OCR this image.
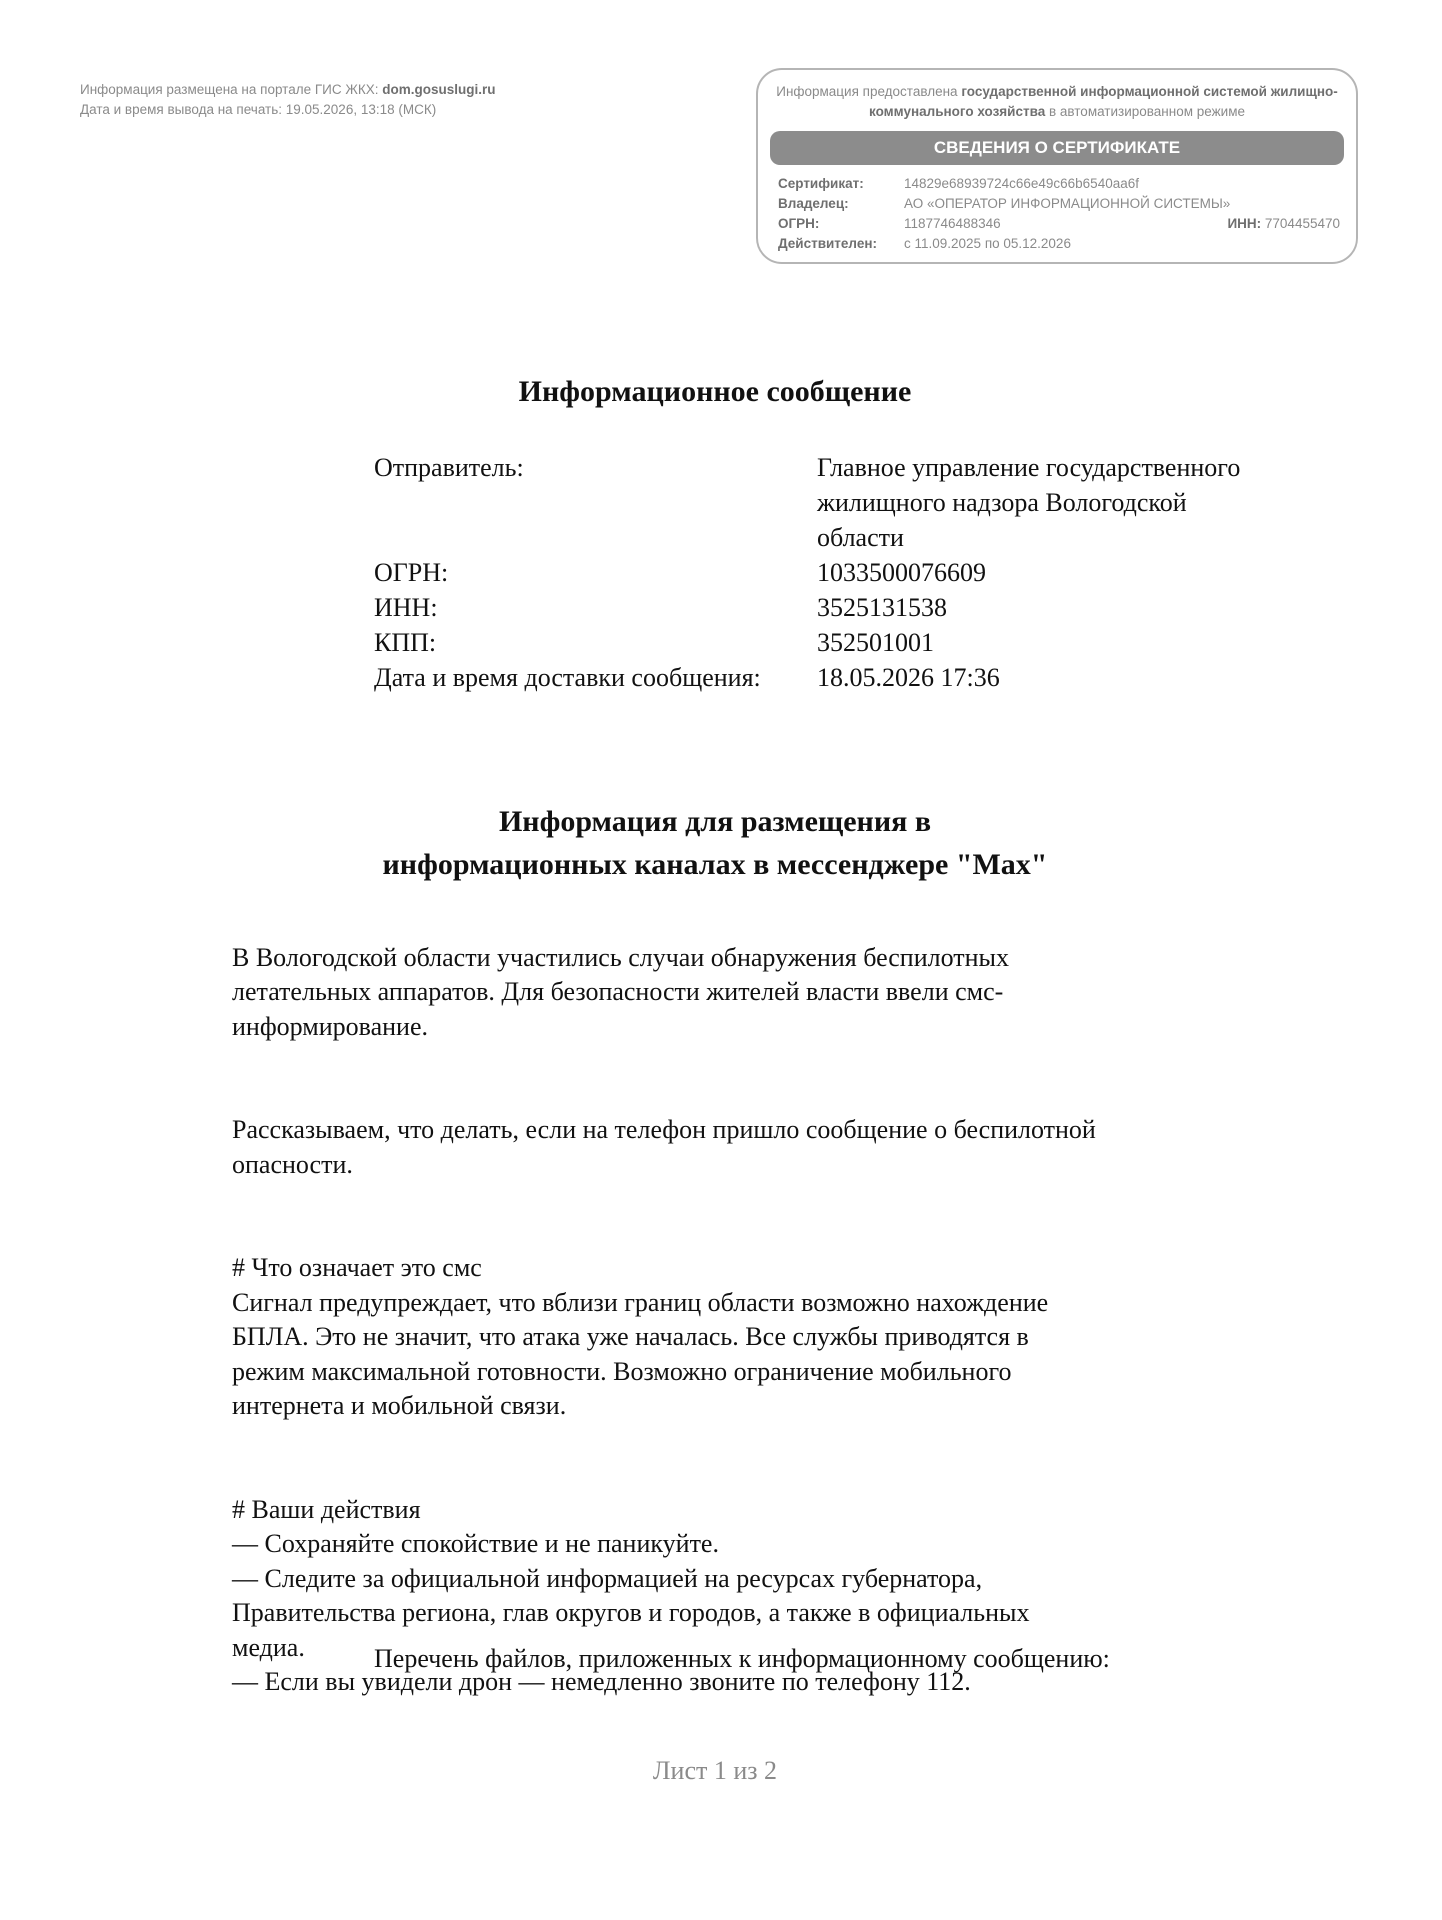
Информация размещена на портале ГИС ЖКХ: dom.gosuslugi.ru
Дата и время вывода на печать: 19.05.2026, 13:18 (МСК)
Информация предоставлена государственной информационной системой жилищно-коммунального хозяйства в автоматизированном режиме
СВЕДЕНИЯ О СЕРТИФИКАТЕ
Сертификат:	14829e68939724c66e49c66b6540aa6f
Владелец:	АО «ОПЕРАТОР ИНФОРМАЦИОННОЙ СИСТЕМЫ»
ОГРН:	1187746488346	ИНН: 7704455470
Действителен: с 11.09.2025 по 05.12.2026
Информационное сообщение
Отправитель:	Главное управление государственного
жилищного надзора Вологодской
области
ОГРН:	1033500076609
ИНН:	3525131538
КПП:	352501001
Дата и время доставки сообщения: 18.05.2026 17:36
Информация для размещения в
информационных каналах в мессенджере "Max"

В Вологодской области участились случаи обнаружения беспилотных
летательных аппаратов. Для безопасности жителей власти ввели смс-
информирование.

Рассказываем, что делать, если на телефон пришло сообщение о беспилотной
опасности.

# Что означает это смс
Сигнал предупреждает, что вблизи границ области возможно нахождение
БПЛА. Это не значит, что атака уже началась. Все службы приводятся в
режим максимальной готовности. Возможно ограничение мобильного
интернета и мобильной связи.

# Ваши действия
— Сохраняйте спокойствие и не паникуйте.
— Следите за официальной информацией на ресурсах губернатора,
Правительства региона, глав округов и городов, а также в официальных
медиа.
— Если вы увидели дрон — немедленно звоните по телефону 112.

Перечень файлов, приложенных к информационному сообщению:
Лист 1 из 2
